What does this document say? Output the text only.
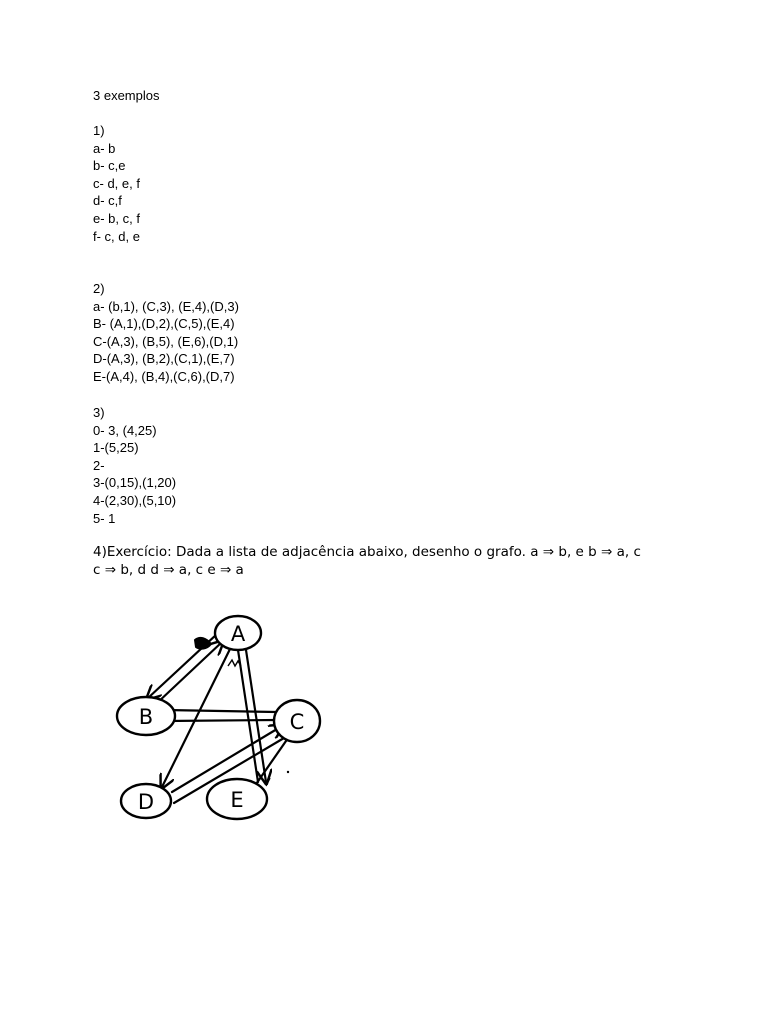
3 exemplos
1)
a- b
b- c,e
c- d, e, f
d- c,f
e- b, c, f
f- c, d, e
2)
a- (b,1), (C,3), (E,4),(D,3)
B- (A,1),(D,2),(C,5),(E,4)
C-(A,3), (B,5), (E,6),(D,1)
D-(A,3), (B,2),(C,1),(E,7)
E-(A,4), (B,4),(C,6),(D,7)
3)
0- 3, (4,25)
1-(5,25)
2-
3-(0,15),(1,20)
4-(2,30),(5,10)
5- 1
4)Exercício: Dada a lista de adjacência abaixo, desenho o grafo. a ⇒ b, e b ⇒ a, c
c ⇒ b, d d ⇒ a, c e ⇒ a
A
B	C
D	E
